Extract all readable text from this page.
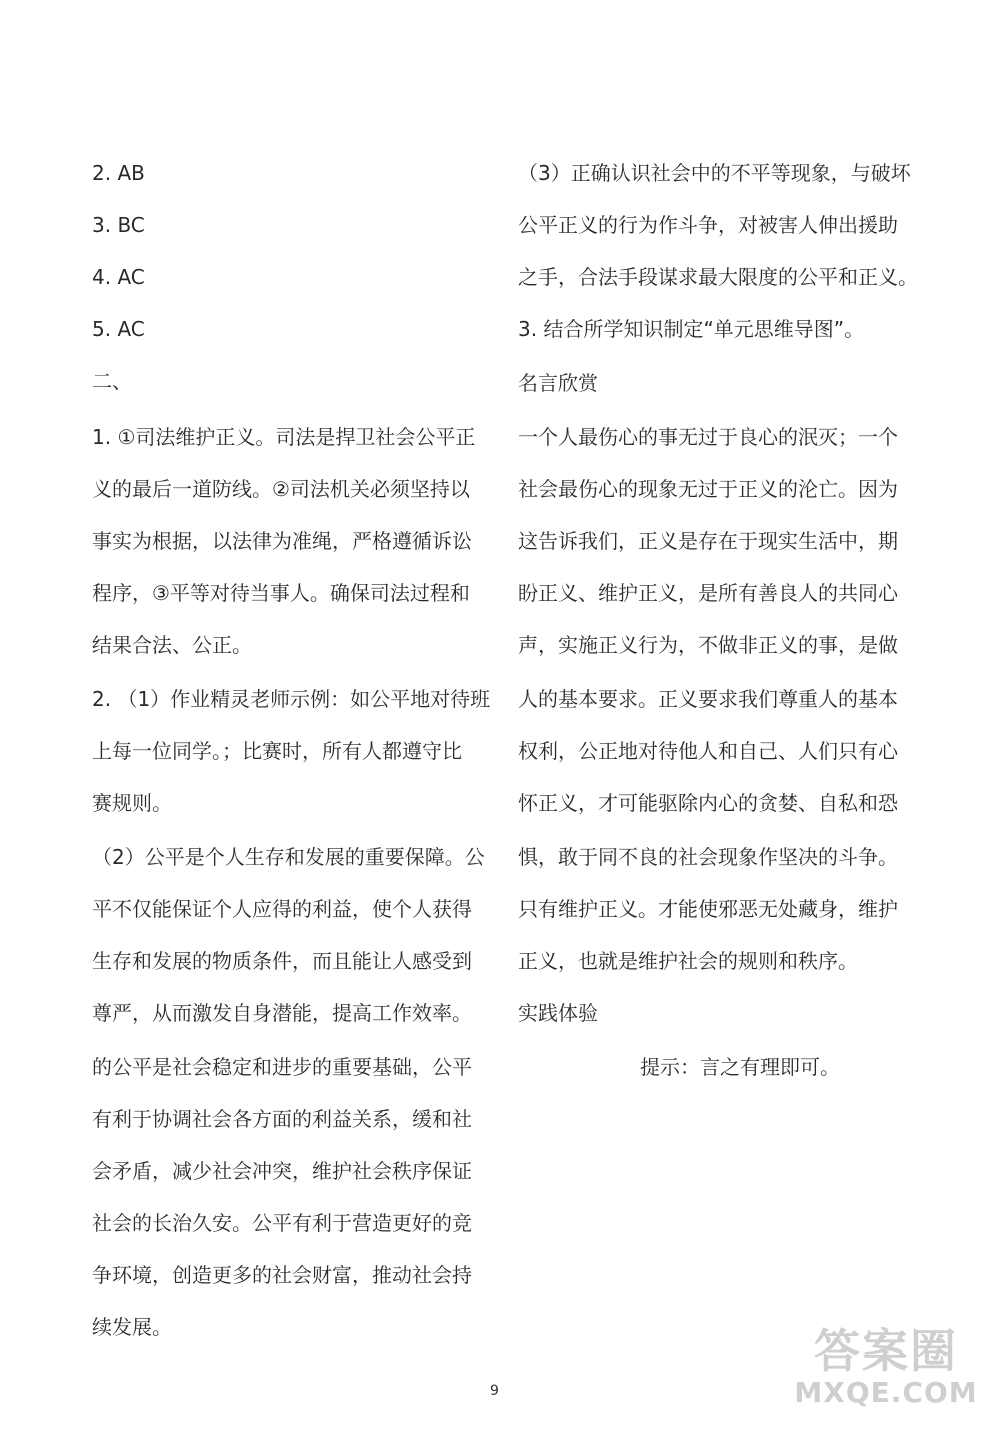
2. AB
3. BC
4. AC
5. AC
二、
1. ①司法维护正义。司法是捍卫社会公平正
义的最后一道防线。②司法机关必须坚持以
事实为根据，以法律为准绳，严格遵循诉讼
程序，③平等对待当事人。确保司法过程和
结果合法、公正。
2. （1）作业精灵老师示例：如公平地对待班
上每一位同学。；比赛时，所有人都遵守比
赛规则。
（2）公平是个人生存和发展的重要保障。公
平不仅能保证个人应得的利益，使个人获得
生存和发展的物质条件，而且能让人感受到
尊严，从而激发自身潜能，提高工作效率。
的公平是社会稳定和进步的重要基础，公平
有利于协调社会各方面的利益关系，缓和社
会矛盾，减少社会冲突，维护社会秩序保证
社会的长治久安。公平有利于营造更好的竞
争环境，创造更多的社会财富，推动社会持
续发展。
（3）正确认识社会中的不平等现象，与破坏
公平正义的行为作斗争，对被害人伸出援助
之手，合法手段谋求最大限度的公平和正义。
3. 结合所学知识制定“单元思维导图”。
名言欣赏
一个人最伤心的事无过于良心的泯灭；一个
社会最伤心的现象无过于正义的沦亡。因为
这告诉我们，正义是存在于现实生活中，期
盼正义、维护正义，是所有善良人的共同心
声，实施正义行为，不做非正义的事，是做
人的基本要求。正义要求我们尊重人的基本
权利，公正地对待他人和自己、人们只有心
怀正义，才可能驱除内心的贪婪、自私和恐
惧，敢于同不良的社会现象作坚决的斗争。
只有维护正义。才能使邪恶无处藏身，维护
正义，也就是维护社会的规则和秩序。
实践体验
提示：言之有理即可。
9
答案圈
MXQE.COM
